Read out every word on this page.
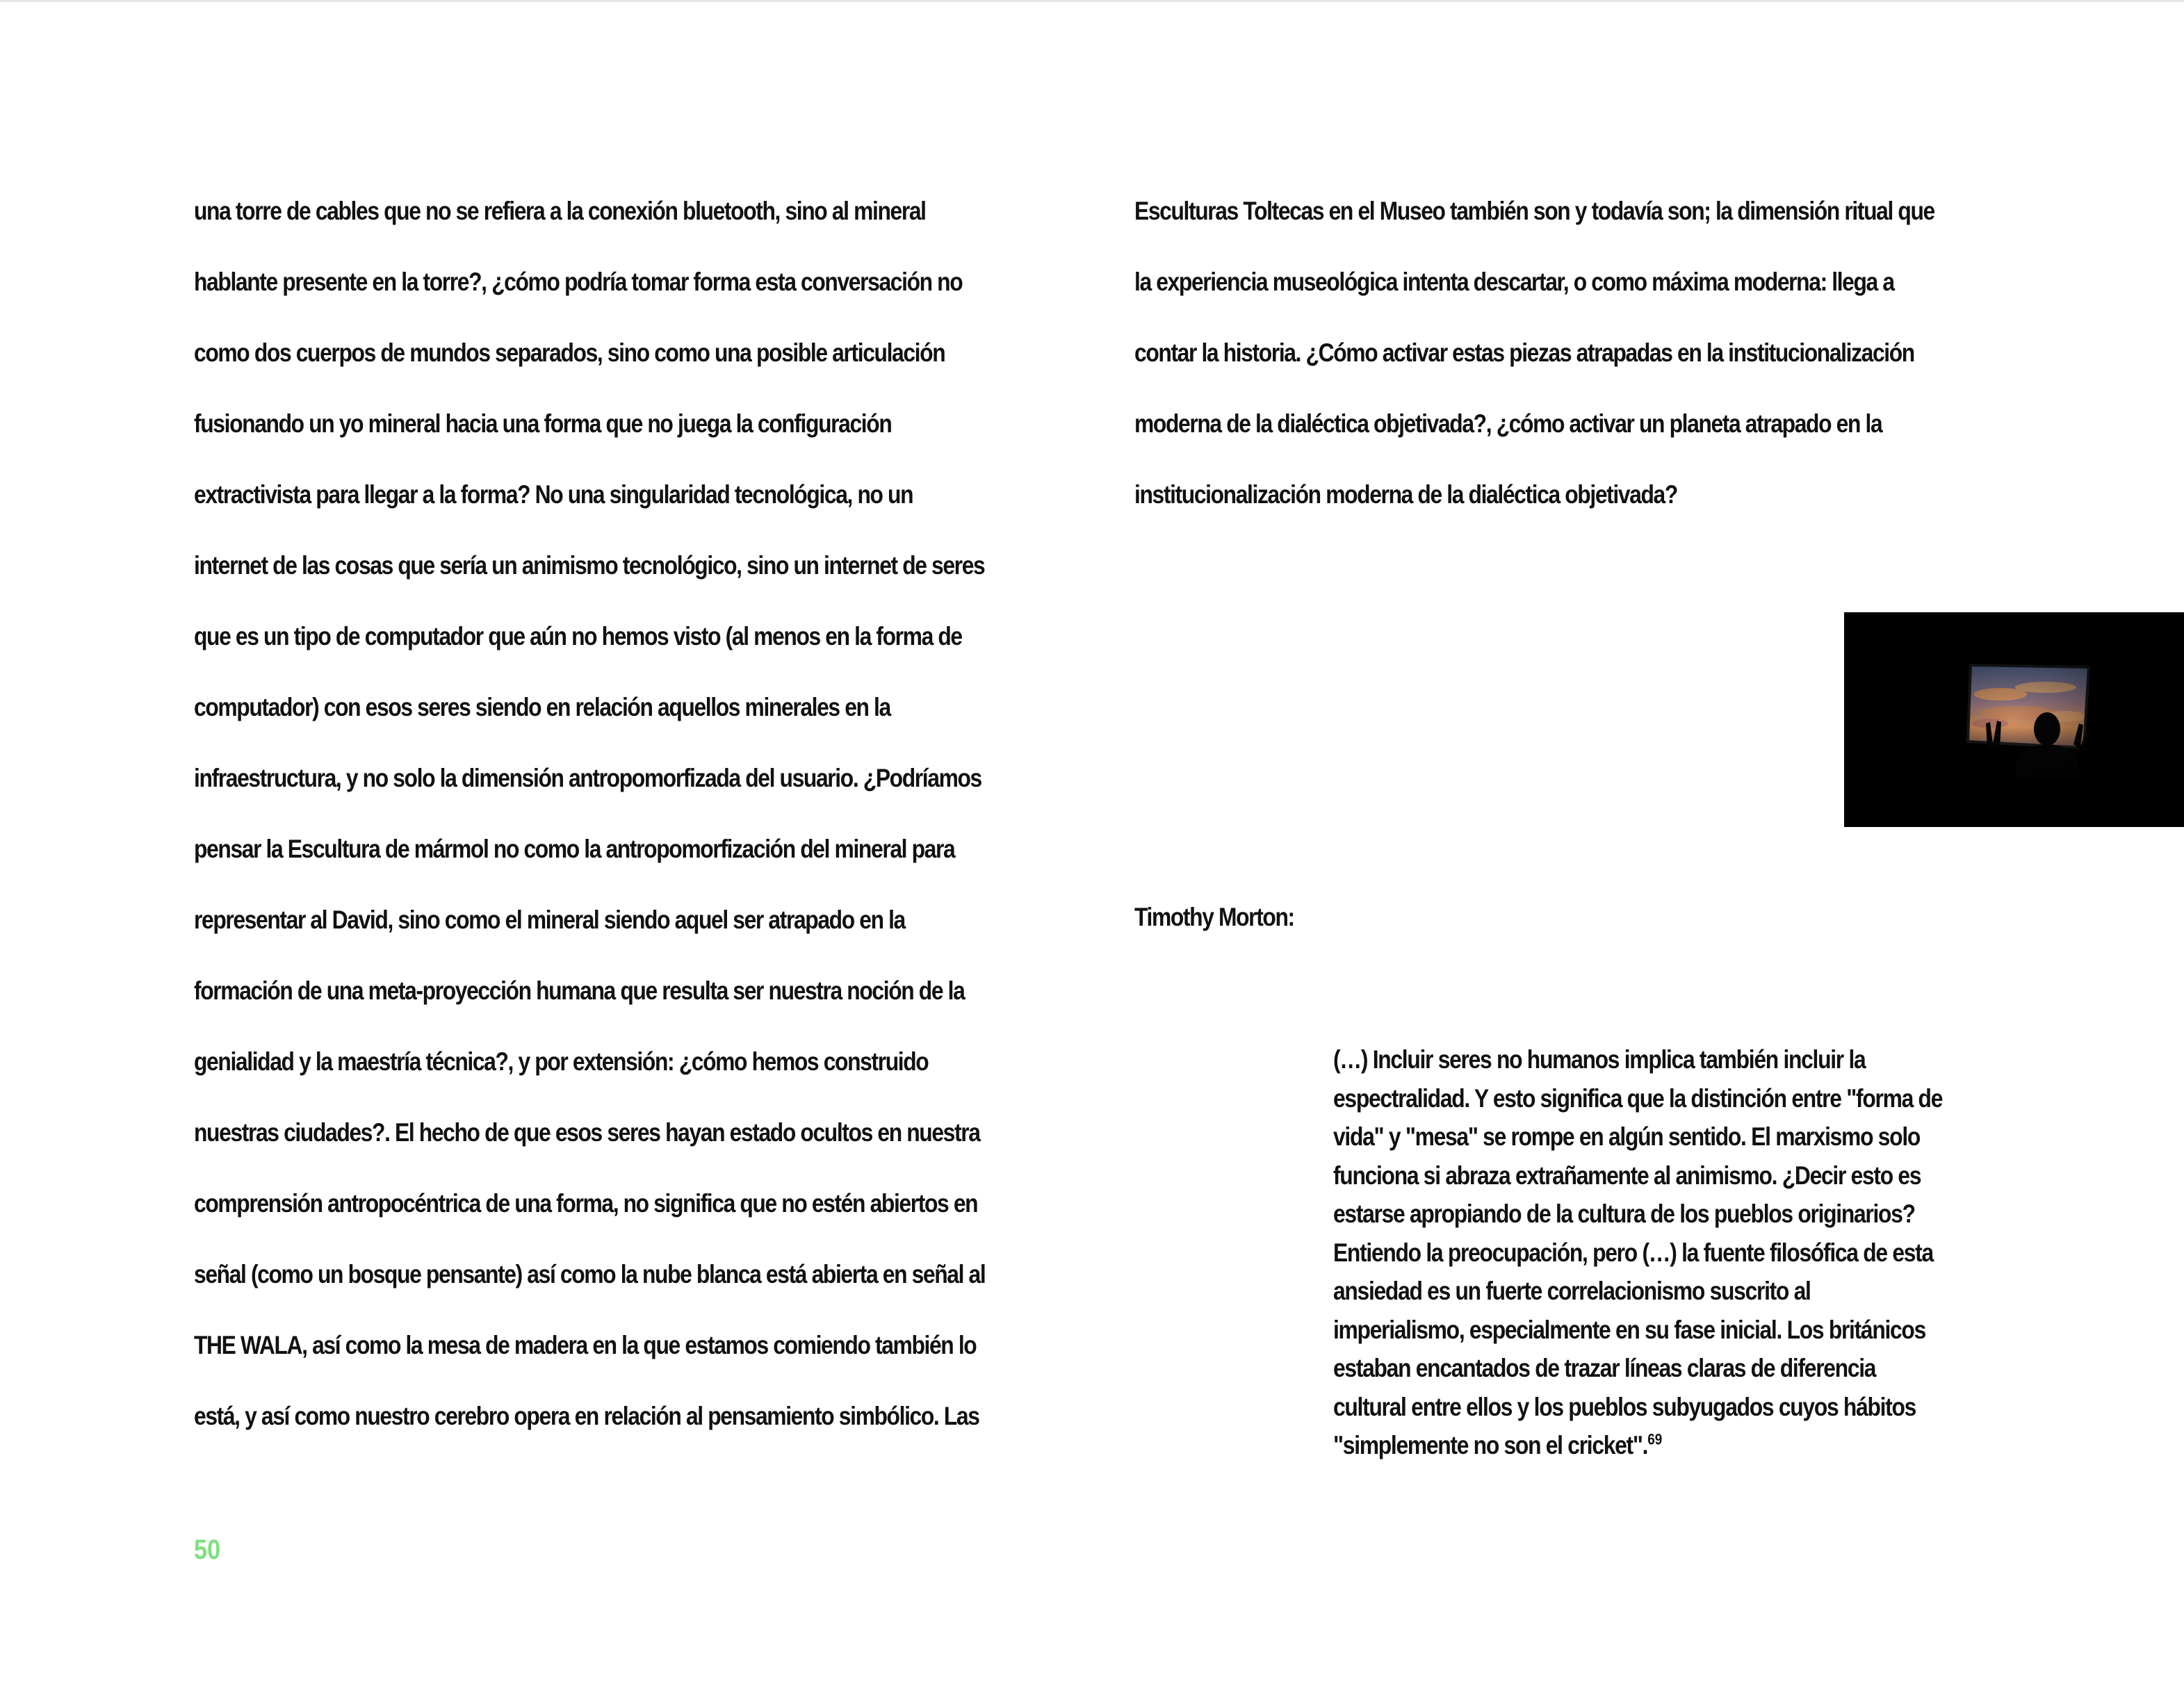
una torre de cables que no se refiera a la conexión bluetooth, sino al mineral
hablante presente en la torre?, ¿cómo podría tomar forma esta conversación no
como dos cuerpos de mundos separados, sino como una posible articulación
fusionando un yo mineral hacia una forma que no juega la configuración
extractivista para llegar a la forma? No una singularidad tecnológica, no un
internet de las cosas que sería un animismo tecnológico, sino un internet de seres
que es un tipo de computador que aún no hemos visto (al menos en la forma de
computador) con esos seres siendo en relación aquellos minerales en la
infraestructura, y no solo la dimensión antropomorfizada del usuario. ¿Podríamos
pensar la Escultura de mármol no como la antropomorfización del mineral para
representar al David, sino como el mineral siendo aquel ser atrapado en la
formación de una meta-proyección humana que resulta ser nuestra noción de la
genialidad y la maestría técnica?, y por extensión: ¿cómo hemos construido
nuestras ciudades?. El hecho de que esos seres hayan estado ocultos en nuestra
comprensión antropocéntrica de una forma, no significa que no estén abiertos en
señal (como un bosque pensante) así como la nube blanca está abierta en señal al
THE WALA, así como la mesa de madera en la que estamos comiendo también lo
está, y así como nuestro cerebro opera en relación al pensamiento simbólico. Las
Esculturas Toltecas en el Museo también son y todavía son; la dimensión ritual que
la experiencia museológica intenta descartar, o como máxima moderna: llega a
contar la historia. ¿Cómo activar estas piezas atrapadas en la institucionalización
moderna de la dialéctica objetivada?, ¿cómo activar un planeta atrapado en la
institucionalización moderna de la dialéctica objetivada?
Timothy Morton:
(…) Incluir seres no humanos implica también incluir la
espectralidad. Y esto significa que la distinción entre "forma de
vida" y "mesa" se rompe en algún sentido. El marxismo solo
funciona si abraza extrañamente al animismo. ¿Decir esto es
estarse apropiando de la cultura de los pueblos originarios?
Entiendo la preocupación, pero (…) la fuente filosófica de esta
ansiedad es un fuerte correlacionismo suscrito al
imperialismo, especialmente en su fase inicial. Los británicos
estaban encantados de trazar líneas claras de diferencia
cultural entre ellos y los pueblos subyugados cuyos hábitos
"simplemente no son el cricket".$^{69}$
50
